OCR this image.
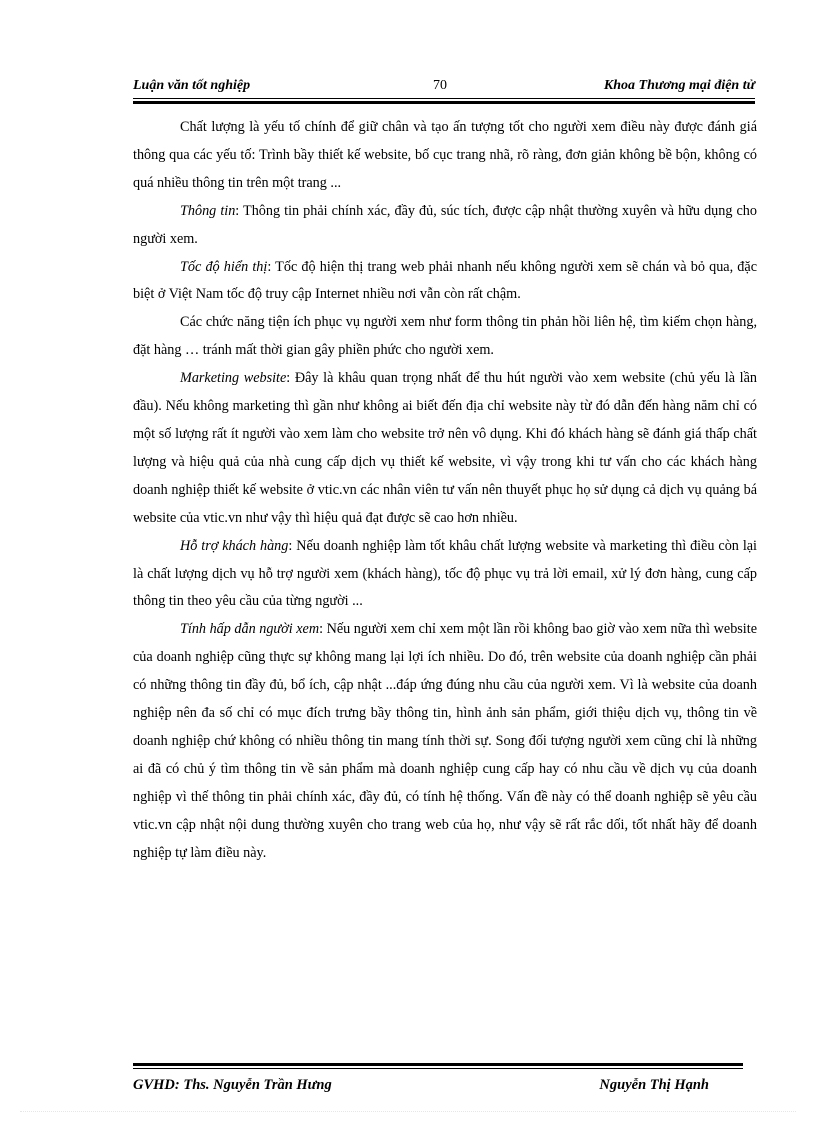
Luận văn tốt nghiệp	70	Khoa Thương mại điện tử

Chất lượng là yếu tố chính để giữ chân và tạo ấn tượng tốt cho người xem điều này được đánh giá thông qua các yếu tố: Trình bầy thiết kế website, bố cục trang nhã, rõ ràng, đơn giản không bề bộn, không có quá nhiều thông tin trên một trang ...

Thông tin: Thông tin phải chính xác, đầy đủ, súc tích, được cập nhật thường xuyên và hữu dụng cho người xem.

Tốc độ hiển thị: Tốc độ hiện thị trang web phải nhanh nếu không người xem sẽ chán và bỏ qua, đặc biệt ở Việt Nam tốc độ truy cập Internet nhiều nơi vẫn còn rất chậm.

Các chức năng tiện ích phục vụ người xem như form thông tin phản hồi liên hệ, tìm kiếm chọn hàng, đặt hàng … tránh mất thời gian gây phiền phức cho người xem.

Marketing website: Đây là khâu quan trọng nhất để thu hút người vào xem website (chủ yếu là lần đầu). Nếu không marketing thì gần như không ai biết đến địa chỉ website này từ đó dẫn đến hàng năm chỉ có một số lượng rất ít người vào xem làm cho website trở nên vô dụng. Khi đó khách hàng sẽ đánh giá thấp chất lượng và hiệu quả của nhà cung cấp dịch vụ thiết kế website, vì vậy trong khi tư vấn cho các khách hàng doanh nghiệp thiết kế website ở vtic.vn các nhân viên tư vấn nên thuyết phục họ sử dụng cả dịch vụ quảng bá website của vtic.vn như vậy thì hiệu quả đạt được sẽ cao hơn nhiều.

Hỗ trợ khách hàng: Nếu doanh nghiệp làm tốt khâu chất lượng website và marketing thì điều còn lại là chất lượng dịch vụ hỗ trợ người xem (khách hàng), tốc độ phục vụ trả lời email, xử lý đơn hàng, cung cấp thông tin theo yêu cầu của từng người ...

Tính hấp dẫn người xem: Nếu người xem chỉ xem một lần rồi không bao giờ vào xem nữa thì website của doanh nghiệp cũng thực sự không mang lại lợi ích nhiều. Do đó, trên website của doanh nghiệp cần phải có những thông tin đầy đủ, bổ ích, cập nhật ...đáp ứng đúng nhu cầu của người xem. Vì là website của doanh nghiệp nên đa số chỉ có mục đích trưng bầy thông tin, hình ảnh sản phẩm, giới thiệu dịch vụ, thông tin về doanh nghiệp chứ không có nhiều thông tin mang tính thời sự. Song đối tượng người xem cũng chỉ là những ai đã có chủ ý tìm thông tin về sản phẩm mà doanh nghiệp cung cấp hay có nhu cầu về dịch vụ của doanh nghiệp vì thế thông tin phải chính xác, đầy đủ, có tính hệ thống. Vấn đề này có thể doanh nghiệp sẽ yêu cầu vtic.vn cập nhật nội dung thường xuyên cho trang web của họ, như vậy sẽ rất rắc dối, tốt nhất hãy để doanh nghiệp tự làm điều này.

GVHD: Ths. Nguyễn Trần Hưng	Nguyễn Thị Hạnh
